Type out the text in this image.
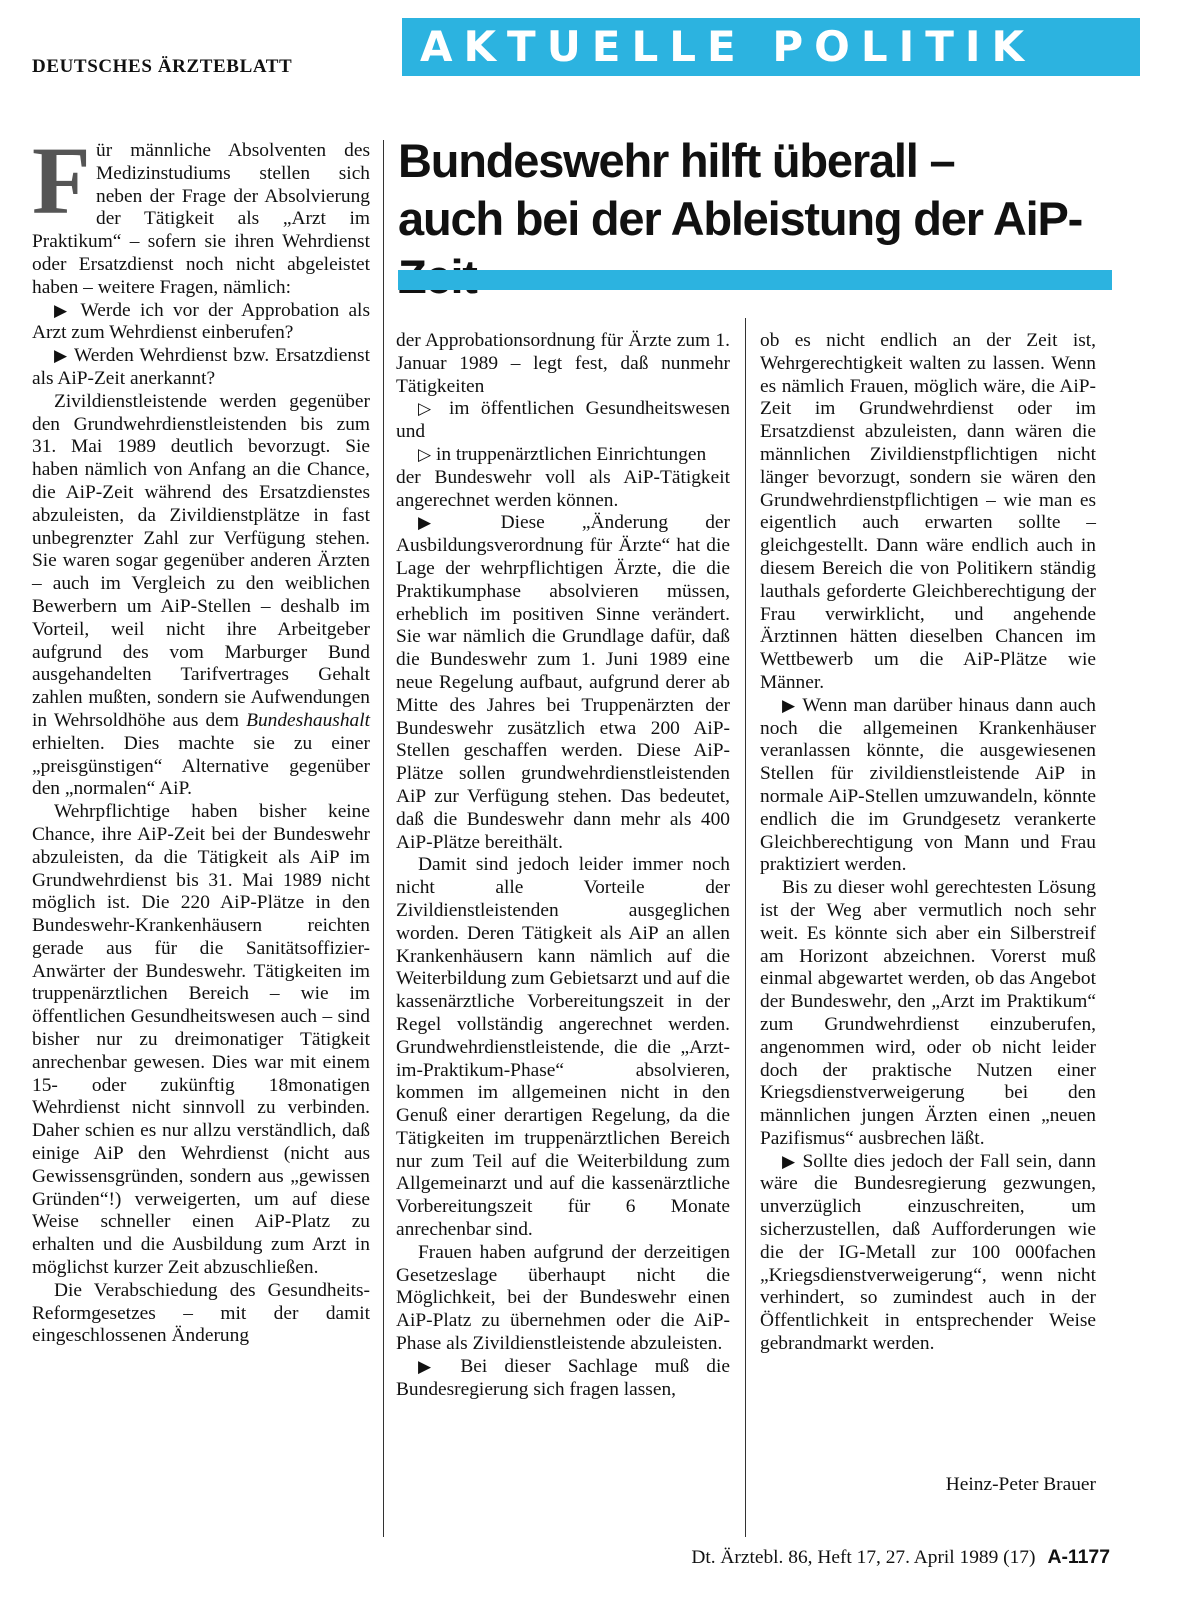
DEUTSCHES ÄRZTEBLATT	AKTUELLE POLITIK
Bundeswehr hilft überall –
auch bei der Ableistung der AiP-

Für männliche Absolventen des Medizinstudiums stellen sich neben der Frage der Absolvierung der Tätigkeit als „Arzt im Praktikum“ – sofern sie ihren Wehrdienst oder Ersatzdienst noch nicht abgeleistet haben – weitere Fragen, nämlich:

▶ Werde ich vor der Approbation als Arzt zum Wehrdienst einberufen?

▶ Werden Wehrdienst bzw. Ersatzdienst als AiP-Zeit anerkannt?

Zivildienstleistende werden gegenüber den Grundwehrdienstleistenden bis zum 31. Mai 1989 deutlich bevorzugt. Sie haben nämlich von Anfang an die Chance, die AiP-Zeit während des Ersatzdienstes abzuleisten, da Zivildienstplätze in fast unbegrenzter Zahl zur Verfügung stehen. Sie waren sogar gegenüber anderen Ärzten – auch im Vergleich zu den weiblichen Bewerbern um AiP-Stellen – deshalb im Vorteil, weil nicht ihre Arbeitgeber aufgrund des vom Marburger Bund ausgehandelten Tarifvertrages Gehalt zahlen mußten, sondern sie Aufwendungen in Wehrsoldhöhe aus dem Bundeshaushalt erhielten. Dies machte sie zu einer „preisgünstigen“ Alternative gegenüber den „normalen“ AiP.

Wehrpflichtige haben bisher keine Chance, ihre AiP-Zeit bei der Bundeswehr abzuleisten, da die Tätigkeit als AiP im Grundwehrdienst bis 31. Mai 1989 nicht möglich ist. Die 220 AiP-Plätze in den Bundeswehr-Krankenhäusern reichten gerade aus für die Sanitätsoffizier-Anwärter der Bundeswehr. Tätigkeiten im truppenärztlichen Bereich – wie im öffentlichen Gesundheitswesen auch – sind bisher nur zu dreimonatiger Tätigkeit anrechenbar gewesen. Dies war mit einem 15- oder zukünftig 18monatigen Wehrdienst nicht sinnvoll zu verbinden. Daher schien es nur allzu verständlich, daß einige AiP den Wehrdienst (nicht aus Gewissensgründen, sondern aus „gewissen Gründen“!) verweigerten, um auf diese Weise schneller einen AiP-Platz zu erhalten und die Ausbildung zum Arzt in möglichst kurzer Zeit abzuschließen.

Die Verabschiedung des Gesundheits-Reformgesetzes – mit der damit eingeschlossenen Änderung

der Approbationsordnung für Ärzte zum 1. Januar 1989 – legt fest, daß nunmehr Tätigkeiten

▷ im öffentlichen Gesundheitswesen und

▷ in truppenärztlichen Einrichtungen

der Bundeswehr voll als AiP-Tätigkeit angerechnet werden können.

▶ Diese „Änderung der Ausbildungsverordnung für Ärzte“ hat die Lage der wehrpflichtigen Ärzte, die die Praktikumphase absolvieren müssen, erheblich im positiven Sinne verändert. Sie war nämlich die Grundlage dafür, daß die Bundeswehr zum 1. Juni 1989 eine neue Regelung aufbaut, aufgrund derer ab Mitte des Jahres bei Truppenärzten der Bundeswehr zusätzlich etwa 200 AiP-Stellen geschaffen werden. Diese AiP-Plätze sollen grundwehrdienstleistenden AiP zur Verfügung stehen. Das bedeutet, daß die Bundeswehr dann mehr als 400 AiP-Plätze bereithält.

Damit sind jedoch leider immer noch nicht alle Vorteile der Zivildienstleistenden ausgeglichen worden. Deren Tätigkeit als AiP an allen Krankenhäusern kann nämlich auf die Weiterbildung zum Gebietsarzt und auf die kassenärztliche Vorbereitungszeit in der Regel vollständig angerechnet werden. Grundwehrdienstleistende, die die „Arzt-im-Praktikum-Phase“ absolvieren, kommen im allgemeinen nicht in den Genuß einer derartigen Regelung, da die Tätigkeiten im truppenärztlichen Bereich nur zum Teil auf die Weiterbildung zum Allgemeinarzt und auf die kassenärztliche Vorbereitungszeit für 6 Monate anrechenbar sind.

Frauen haben aufgrund der derzeitigen Gesetzeslage überhaupt nicht die Möglichkeit, bei der Bundeswehr einen AiP-Platz zu übernehmen oder die AiP-Phase als Zivildienstleistende abzuleisten.

▶ Bei dieser Sachlage muß die Bundesregierung sich fragen lassen,

ob es nicht endlich an der Zeit ist, Wehrgerechtigkeit walten zu lassen. Wenn es nämlich Frauen, möglich wäre, die AiP-Zeit im Grundwehrdienst oder im Ersatzdienst abzuleisten, dann wären die männlichen Zivildienstpflichtigen nicht länger bevorzugt, sondern sie wären den Grundwehrdienstpflichtigen – wie man es eigentlich auch erwarten sollte – gleichgestellt. Dann wäre endlich auch in diesem Bereich die von Politikern ständig lauthals geforderte Gleichberechtigung der Frau verwirklicht, und angehende Ärztinnen hätten dieselben Chancen im Wettbewerb um die AiP-Plätze wie Männer.

▶ Wenn man darüber hinaus dann auch noch die allgemeinen Krankenhäuser veranlassen könnte, die ausgewiesenen Stellen für zivildienstleistende AiP in normale AiP-Stellen umzuwandeln, könnte endlich die im Grundgesetz verankerte Gleichberechtigung von Mann und Frau praktiziert werden.

Bis zu dieser wohl gerechtesten Lösung ist der Weg aber vermutlich noch sehr weit. Es könnte sich aber ein Silberstreif am Horizont abzeichnen. Vorerst muß einmal abgewartet werden, ob das Angebot der Bundeswehr, den „Arzt im Praktikum“ zum Grundwehrdienst einzuberufen, angenommen wird, oder ob nicht leider doch der praktische Nutzen einer Kriegsdienstverweigerung bei den männlichen jungen Ärzten einen „neuen Pazifismus“ ausbrechen läßt.

▶ Sollte dies jedoch der Fall sein, dann wäre die Bundesregierung gezwungen, unverzüglich einzuschreiten, um sicherzustellen, daß Aufforderungen wie die der IG-Metall zur 100 000fachen „Kriegsdienstverweigerung“, wenn nicht verhindert, so zumindest auch in der Öffentlichkeit in entsprechender Weise gebrandmarkt werden.

Heinz-Peter Brauer
Dt. Ärztebl. 86, Heft 17, 27. April 1989 (17) A-1177
